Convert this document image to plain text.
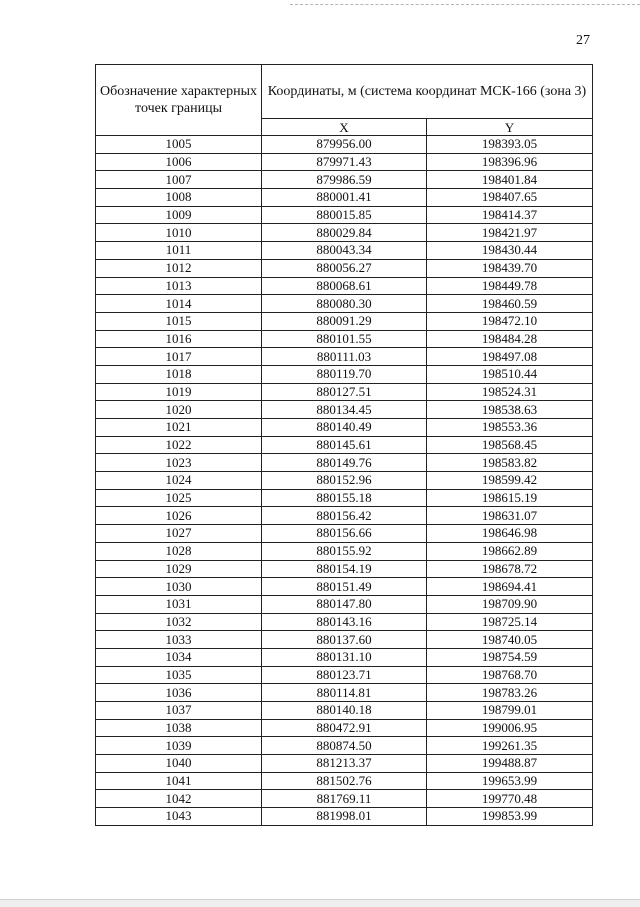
27
Обозначение характерных точек границы	Координаты, м (система координат МСК-166 (зона 3)	
	X	Y
1005	879956.00	198393.05
1006	879971.43	198396.96
1007	879986.59	198401.84
1008	880001.41	198407.65
1009	880015.85	198414.37
1010	880029.84	198421.97
1011	880043.34	198430.44
1012	880056.27	198439.70
1013	880068.61	198449.78
1014	880080.30	198460.59
1015	880091.29	198472.10
1016	880101.55	198484.28
1017	880111.03	198497.08
1018	880119.70	198510.44
1019	880127.51	198524.31
1020	880134.45	198538.63
1021	880140.49	198553.36
1022	880145.61	198568.45
1023	880149.76	198583.82
1024	880152.96	198599.42
1025	880155.18	198615.19
1026	880156.42	198631.07
1027	880156.66	198646.98
1028	880155.92	198662.89
1029	880154.19	198678.72
1030	880151.49	198694.41
1031	880147.80	198709.90
1032	880143.16	198725.14
1033	880137.60	198740.05
1034	880131.10	198754.59
1035	880123.71	198768.70
1036	880114.81	198783.26
1037	880140.18	198799.01
1038	880472.91	199006.95
1039	880874.50	199261.35
1040	881213.37	199488.87
1041	881502.76	199653.99
1042	881769.11	199770.48
1043	881998.01	199853.99
